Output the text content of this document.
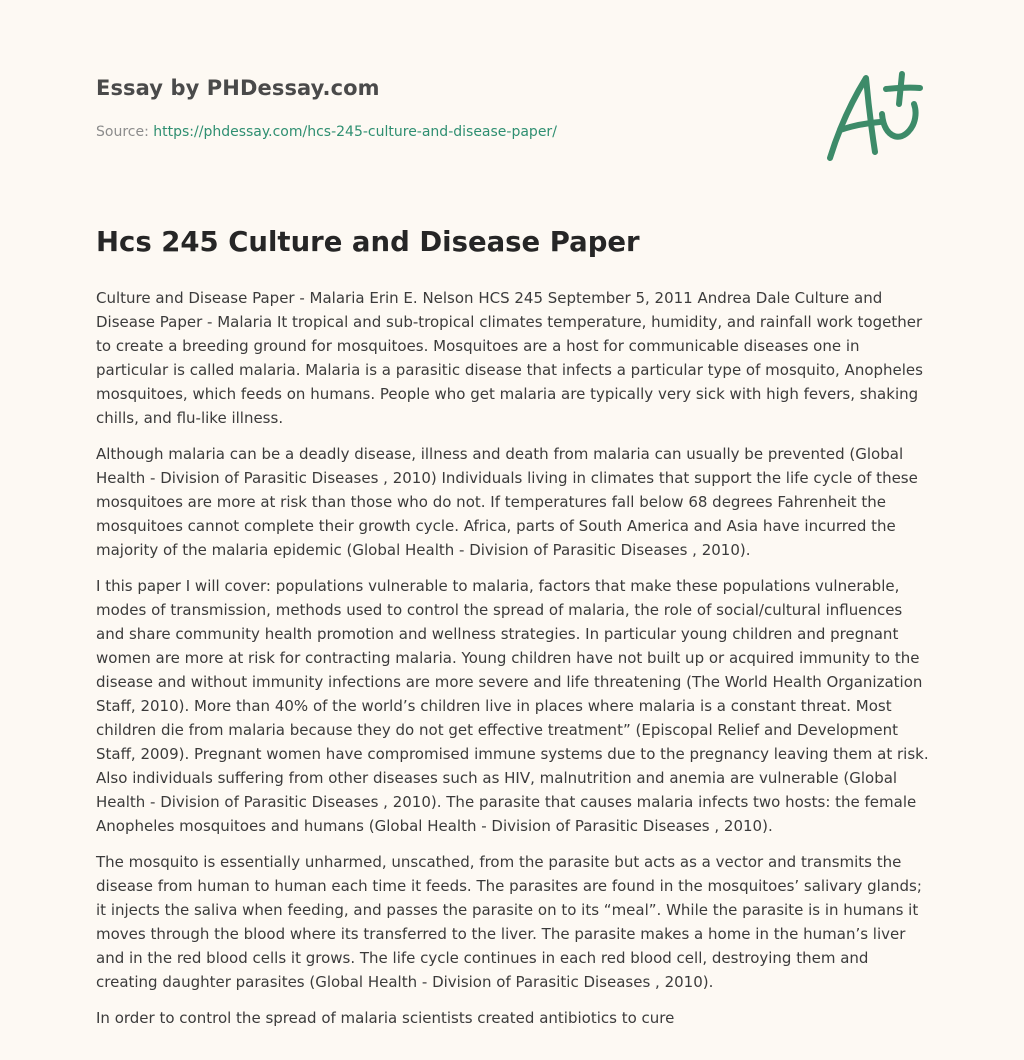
Essay by PHDessay.com
Source: https://phdessay.com/hcs-245-culture-and-disease-paper/
Hcs 245 Culture and Disease Paper

Culture and Disease Paper - Malaria Erin E. Nelson HCS 245 September 5, 2011 Andrea Dale Culture and Disease Paper - Malaria It tropical and sub-tropical climates temperature, humidity, and rainfall work together to create a breeding ground for mosquitoes. Mosquitoes are a host for communicable diseases one in particular is called malaria. Malaria is a parasitic disease that infects a particular type of mosquito, Anopheles mosquitoes, which feeds on humans. People who get malaria are typically very sick with high fevers, shaking chills, and flu-like illness.

Although malaria can be a deadly disease, illness and death from malaria can usually be prevented (Global Health - Division of Parasitic Diseases , 2010) Individuals living in climates that support the life cycle of these mosquitoes are more at risk than those who do not. If temperatures fall below 68 degrees Fahrenheit the mosquitoes cannot complete their growth cycle. Africa, parts of South America and Asia have incurred the majority of the malaria epidemic (Global Health - Division of Parasitic Diseases , 2010).

I this paper I will cover: populations vulnerable to malaria, factors that make these populations vulnerable, modes of transmission, methods used to control the spread of malaria, the role of social/cultural influences and share community health promotion and wellness strategies. In particular young children and pregnant women are more at risk for contracting malaria. Young children have not built up or acquired immunity to the disease and without immunity infections are more severe and life threatening (The World Health Organization Staff, 2010). More than 40% of the world’s children live in places where malaria is a constant threat. Most children die from malaria because they do not get effective treatment” (Episcopal Relief and Development Staff, 2009). Pregnant women have compromised immune systems due to the pregnancy leaving them at risk. Also individuals suffering from other diseases such as HIV, malnutrition and anemia are vulnerable (Global Health - Division of Parasitic Diseases , 2010). The parasite that causes malaria infects two hosts: the female Anopheles mosquitoes and humans (Global Health - Division of Parasitic Diseases , 2010).

The mosquito is essentially unharmed, unscathed, from the parasite but acts as a vector and transmits the disease from human to human each time it feeds. The parasites are found in the mosquitoes’ salivary glands; it injects the saliva when feeding, and passes the parasite on to its “meal”. While the parasite is in humans it moves through the blood where its transferred to the liver. The parasite makes a home in the human’s liver and in the red blood cells it grows. The life cycle continues in each red blood cell, destroying them and creating daughter parasites (Global Health - Division of Parasitic Diseases , 2010).

In order to control the spread of malaria scientists created antibiotics to cure
